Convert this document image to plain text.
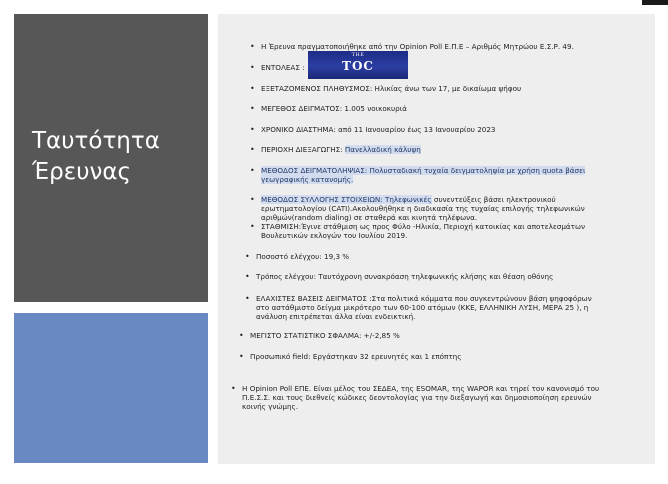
Ταυτότητα
Έρευνας
• Η Έρευνα πραγματοποιήθηκε από την Opinion Poll Ε.Π.Ε – Αριθμός Μητρώου Ε.Σ.Ρ. 49.
• ΕΝΤΟΛΕΑΣ :
• ΕΞΕΤΑΖΟΜΕΝΟΣ ΠΛΗΘΥΣΜΟΣ: Ηλικίας άνω των 17, με δικαίωμα ψήφου
• ΜΕΓΕΘΟΣ ΔΕΙΓΜΑΤΟΣ: 1.005 νοικοκυριά
• ΧΡΟΝΙΚΟ ΔΙΑΣΤΗΜΑ: από 11 Ιανουαρίου έως 13 Ιανουαρίου 2023
• ΠΕΡΙΟΧΗ ΔΙΕΞΑΓΩΓΗΣ: Πανελλαδική κάλυψη
• ΜΕΘΟΔΟΣ ΔΕΙΓΜΑΤΟΛΗΨΙΑΣ: Πολυσταδιακή τυχαία δειγματοληψία με χρήση quota βάσει
γεωγραφικής κατανομής.
• ΜΕΘΟΔΟΣ ΣΥΛΛΟΓΗΣ ΣΤΟΙΧΕΙΩΝ: Τηλεφωνικές συνεντεύξεις βάσει ηλεκτρονικού
ερωτηματολογίου (CATI).Ακολουθήθηκε η διαδικασία της τυχαίας επιλογής τηλεφωνικών
αριθμών(random dialing) σε σταθερά και κινητά τηλέφωνα.
• ΣΤΑΘΜΙΣΗ:Έγινε στάθμιση ως προς Φύλο -Ηλικία, Περιοχή κατοικίας και αποτελεσμάτων
Βουλευτικών εκλογών του Ιουλίου 2019.
• Ποσοστό ελέγχου: 19,3 %
• Τρόπος ελέγχου: Ταυτόχρονη συνακρόαση τηλεφωνικής κλήσης και θέαση οθόνης
• ΕΛΑΧΙΣΤΕΣ ΒΑΣΕΙΣ ΔΕΙΓΜΑΤΟΣ :Στα πολιτικά κόμματα που συγκεντρώνουν βάση ψηφοφόρων
στο αστάθμιστο δείγμα μικρότερο των 60-100 ατόμων (ΚΚΕ, ΕΛΛΗΝΙΚΗ ΛΥΣΗ, ΜΕΡΑ 25 ), η
ανάλυση επιτρέπεται άλλα είναι ενδεικτική.
• ΜΕΓΙΣΤΟ ΣΤΑΤΙΣΤΙΚΟ ΣΦΑΛΜΑ: +/-2,85 %
• Προσωπικό field: Εργάστηκαν 32 ερευνητές και 1 επόπτης
• Η Opinion Poll ΕΠΕ. Είναι μέλος του ΣΕΔΕΑ, της ESOMAR, της WAPOR και τηρεί τον κανονισμό του
Π.Ε.Σ.Σ. και τους διεθνείς κώδικες δεοντολογίας για την διεξαγωγή και δημοσιοποίηση ερευνών
κοινής γνώμης.
THE
TOC
